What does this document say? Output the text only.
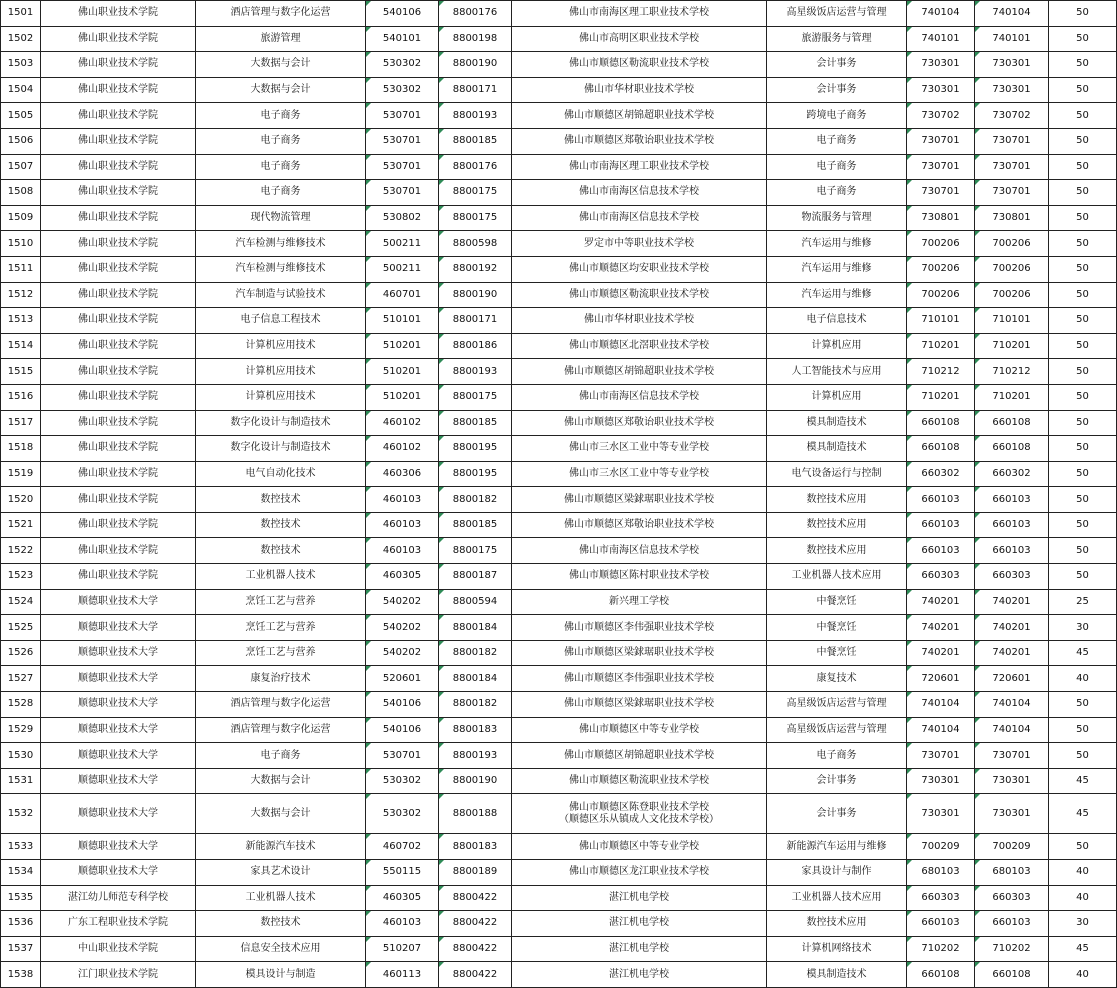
1501	佛山职业技术学院	酒店管理与数字化运营	540106	8800176	佛山市南海区理工职业技术学校	高星级饭店运营与管理	740104	740104	50
1502	佛山职业技术学院	旅游管理	540101	8800198	佛山市高明区职业技术学校	旅游服务与管理	740101	740101	50
1503	佛山职业技术学院	大数据与会计	530302	8800190	佛山市顺德区勒流职业技术学校	会计事务	730301	730301	50
1504	佛山职业技术学院	大数据与会计	530302	8800171	佛山市华材职业技术学校	会计事务	730301	730301	50
1505	佛山职业技术学院	电子商务	530701	8800193	佛山市顺德区胡锦超职业技术学校	跨境电子商务	730702	730702	50
1506	佛山职业技术学院	电子商务	530701	8800185	佛山市顺德区郑敬诒职业技术学校	电子商务	730701	730701	50
1507	佛山职业技术学院	电子商务	530701	8800176	佛山市南海区理工职业技术学校	电子商务	730701	730701	50
1508	佛山职业技术学院	电子商务	530701	8800175	佛山市南海区信息技术学校	电子商务	730701	730701	50
1509	佛山职业技术学院	现代物流管理	530802	8800175	佛山市南海区信息技术学校	物流服务与管理	730801	730801	50
1510	佛山职业技术学院	汽车检测与维修技术	500211	8800598	罗定市中等职业技术学校	汽车运用与维修	700206	700206	50
1511	佛山职业技术学院	汽车检测与维修技术	500211	8800192	佛山市顺德区均安职业技术学校	汽车运用与维修	700206	700206	50
1512	佛山职业技术学院	汽车制造与试验技术	460701	8800190	佛山市顺德区勒流职业技术学校	汽车运用与维修	700206	700206	50
1513	佛山职业技术学院	电子信息工程技术	510101	8800171	佛山市华材职业技术学校	电子信息技术	710101	710101	50
1514	佛山职业技术学院	计算机应用技术	510201	8800186	佛山市顺德区北滘职业技术学校	计算机应用	710201	710201	50
1515	佛山职业技术学院	计算机应用技术	510201	8800193	佛山市顺德区胡锦超职业技术学校	人工智能技术与应用	710212	710212	50
1516	佛山职业技术学院	计算机应用技术	510201	8800175	佛山市南海区信息技术学校	计算机应用	710201	710201	50
1517	佛山职业技术学院	数字化设计与制造技术	460102	8800185	佛山市顺德区郑敬诒职业技术学校	模具制造技术	660108	660108	50
1518	佛山职业技术学院	数字化设计与制造技术	460102	8800195	佛山市三水区工业中等专业学校	模具制造技术	660108	660108	50
1519	佛山职业技术学院	电气自动化技术	460306	8800195	佛山市三水区工业中等专业学校	电气设备运行与控制	660302	660302	50
1520	佛山职业技术学院	数控技术	460103	8800182	佛山市顺德区梁銶琚职业技术学校	数控技术应用	660103	660103	50
1521	佛山职业技术学院	数控技术	460103	8800185	佛山市顺德区郑敬诒职业技术学校	数控技术应用	660103	660103	50
1522	佛山职业技术学院	数控技术	460103	8800175	佛山市南海区信息技术学校	数控技术应用	660103	660103	50
1523	佛山职业技术学院	工业机器人技术	460305	8800187	佛山市顺德区陈村职业技术学校	工业机器人技术应用	660303	660303	50
1524	顺德职业技术大学	烹饪工艺与营养	540202	8800594	新兴理工学校	中餐烹饪	740201	740201	25
1525	顺德职业技术大学	烹饪工艺与营养	540202	8800184	佛山市顺德区李伟强职业技术学校	中餐烹饪	740201	740201	30
1526	顺德职业技术大学	烹饪工艺与营养	540202	8800182	佛山市顺德区梁銶琚职业技术学校	中餐烹饪	740201	740201	45
1527	顺德职业技术大学	康复治疗技术	520601	8800184	佛山市顺德区李伟强职业技术学校	康复技术	720601	720601	40
1528	顺德职业技术大学	酒店管理与数字化运营	540106	8800182	佛山市顺德区梁銶琚职业技术学校	高星级饭店运营与管理	740104	740104	50
1529	顺德职业技术大学	酒店管理与数字化运营	540106	8800183	佛山市顺德区中等专业学校	高星级饭店运营与管理	740104	740104	50
1530	顺德职业技术大学	电子商务	530701	8800193	佛山市顺德区胡锦超职业技术学校	电子商务	730701	730701	50
1531	顺德职业技术大学	大数据与会计	530302	8800190	佛山市顺德区勒流职业技术学校	会计事务	730301	730301	45
1532	顺德职业技术大学	大数据与会计	530302	8800188	佛山市顺德区陈登职业技术学校
（顺德区乐从镇成人文化技术学校）	会计事务	730301	730301	45
1533	顺德职业技术大学	新能源汽车技术	460702	8800183	佛山市顺德区中等专业学校	新能源汽车运用与维修	700209	700209	50
1534	顺德职业技术大学	家具艺术设计	550115	8800189	佛山市顺德区龙江职业技术学校	家具设计与制作	680103	680103	40
1535	湛江幼儿师范专科学校	工业机器人技术	460305	8800422	湛江机电学校	工业机器人技术应用	660303	660303	40
1536	广东工程职业技术学院	数控技术	460103	8800422	湛江机电学校	数控技术应用	660103	660103	30
1537	中山职业技术学院	信息安全技术应用	510207	8800422	湛江机电学校	计算机网络技术	710202	710202	45
1538	江门职业技术学院	模具设计与制造	460113	8800422	湛江机电学校	模具制造技术	660108	660108	40
